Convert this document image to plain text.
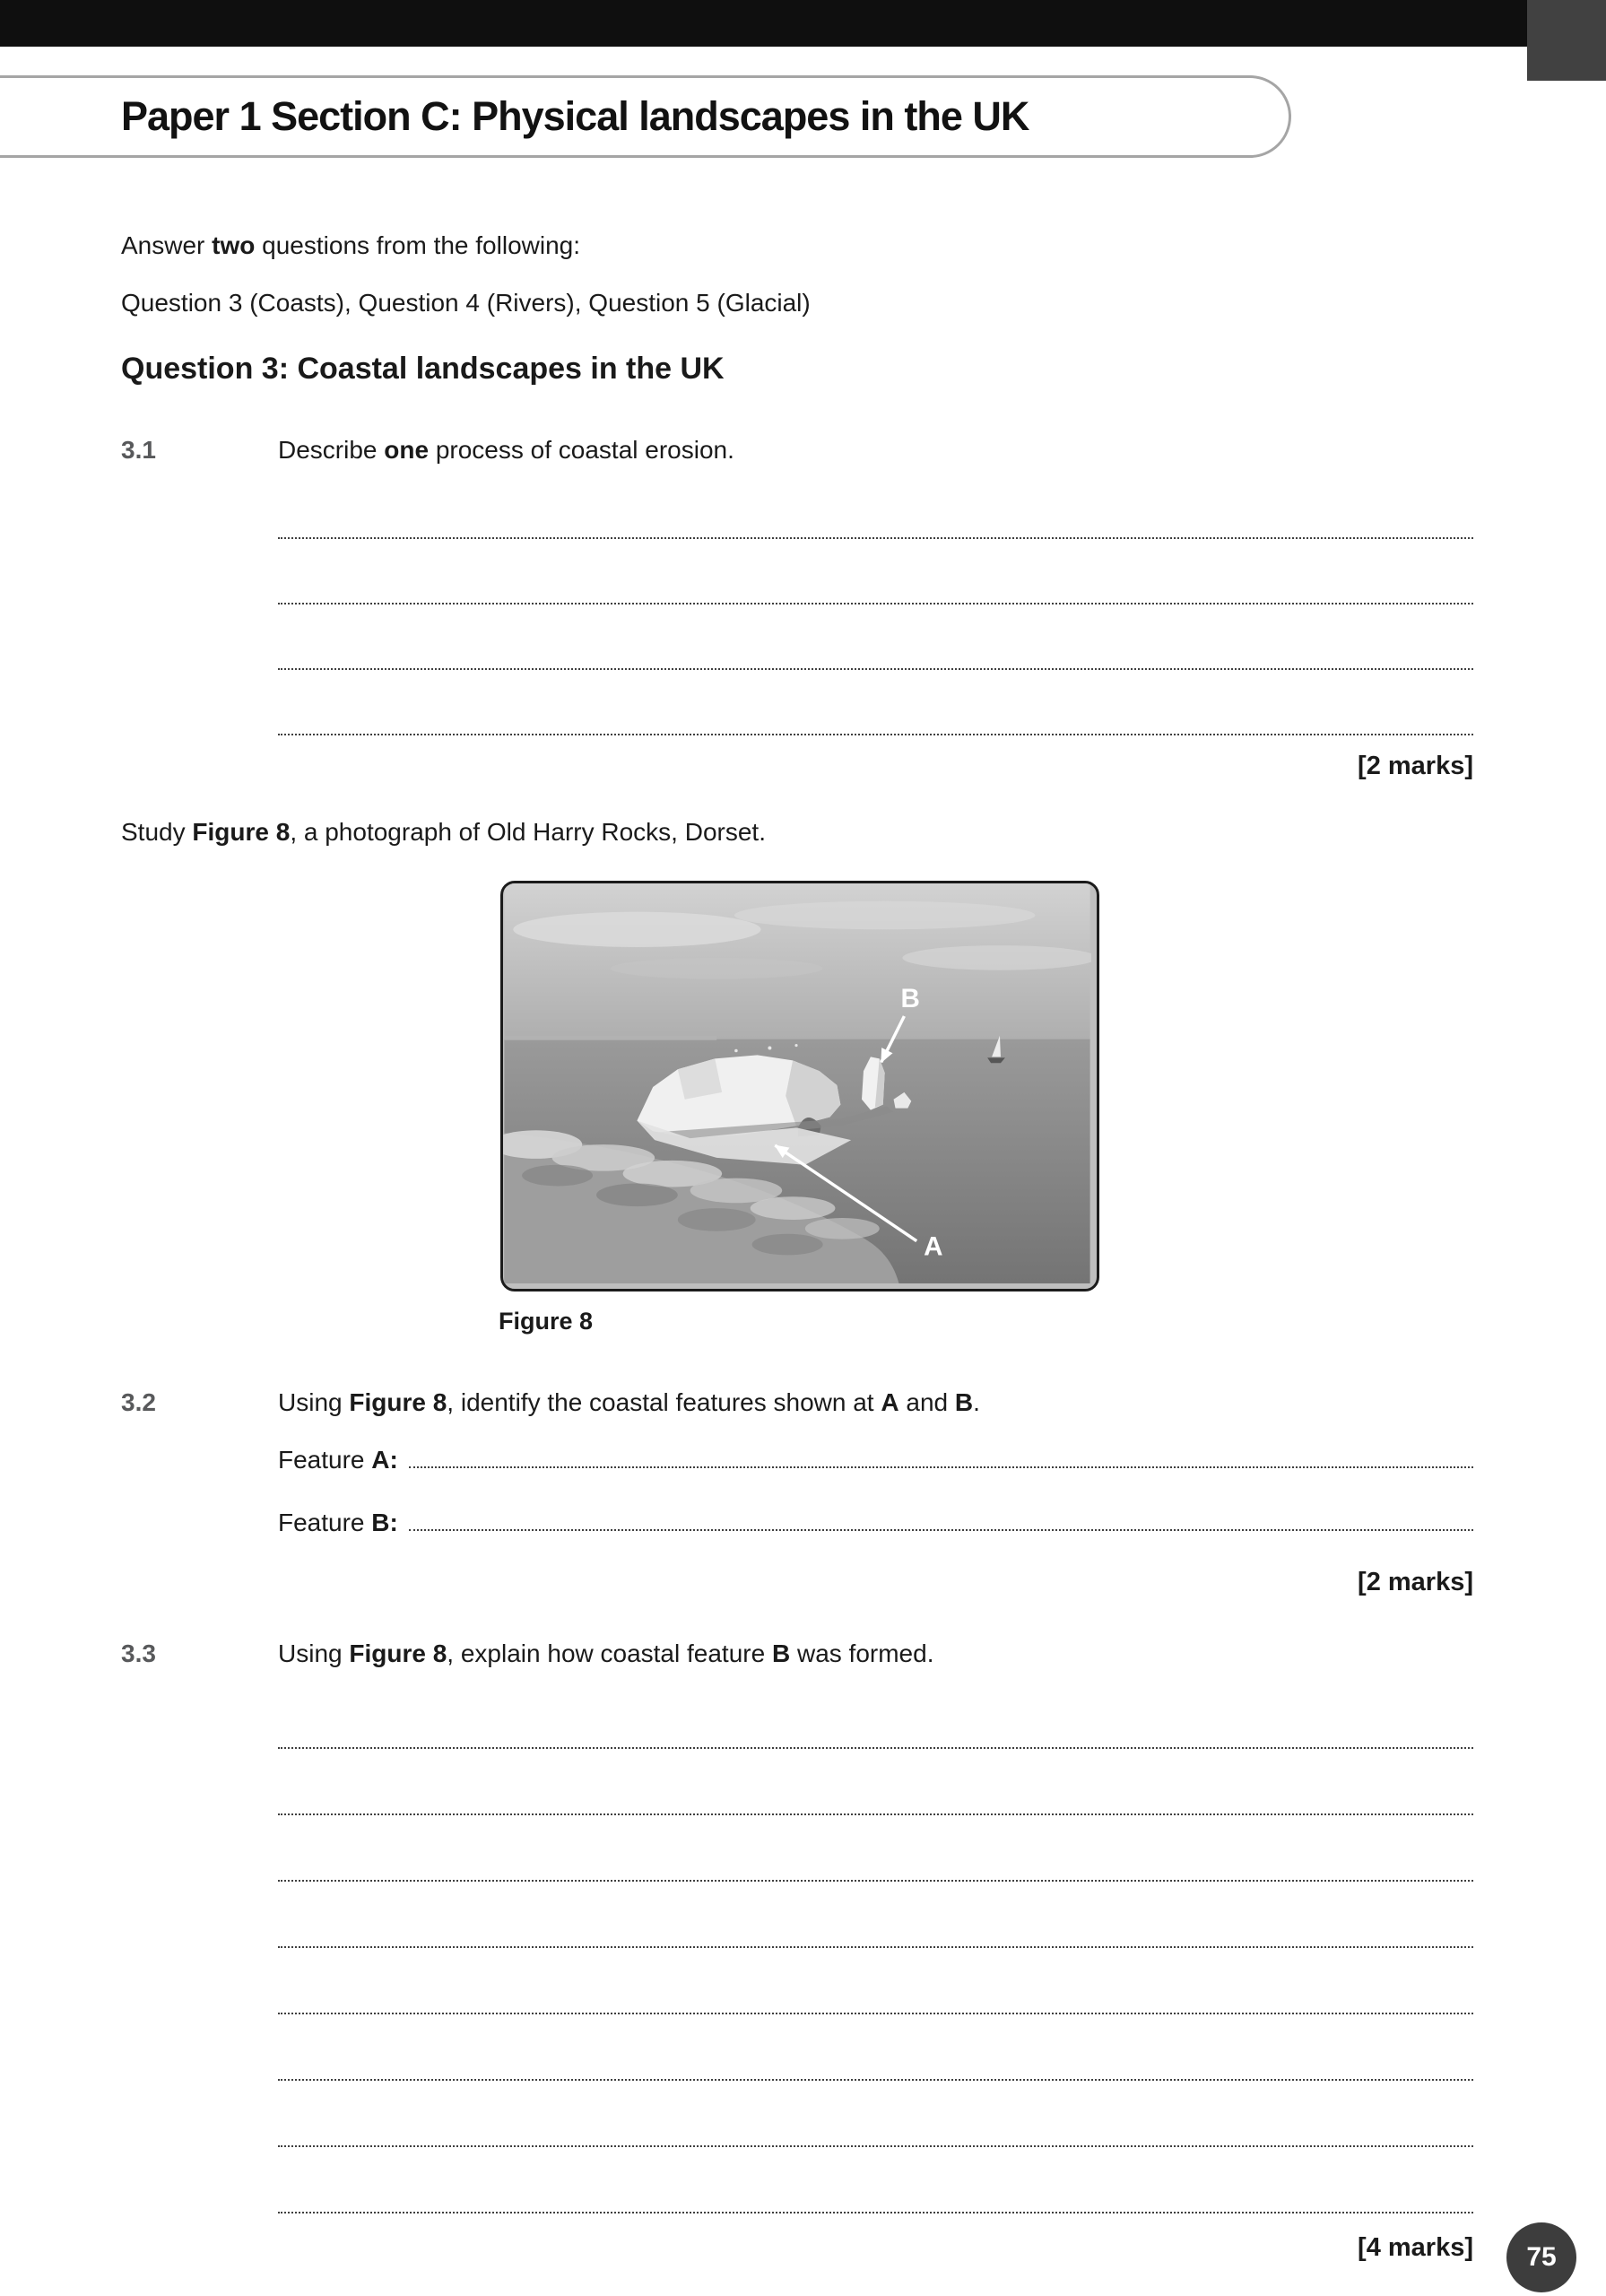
Paper 1 Section C: Physical landscapes in the UK

Answer two questions from the following:

Question 3 (Coasts), Question 4 (Rivers), Question 5 (Glacial)

Question 3: Coastal landscapes in the UK
3.1	Describe one process of coastal erosion.

[2 marks]

Study Figure 8, a photograph of Old Harry Rocks, Dorset.

B
A

Figure 8

3.2	Using Figure 8, identify the coastal features shown at A and B.
Feature A:
Feature B:

[2 marks]

3.3	Using Figure 8, explain how coastal feature B was formed.

[4 marks] 75
